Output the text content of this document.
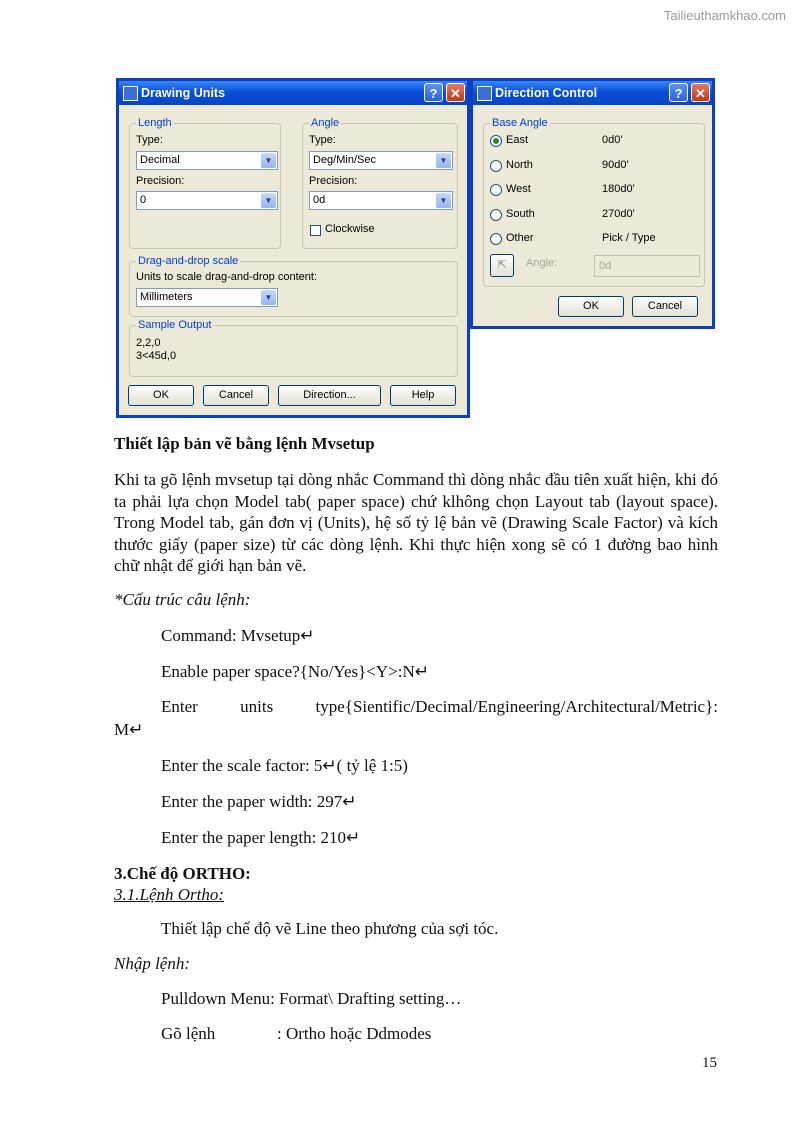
Tailieuthamkhao.com
Drawing Units	? ✕
Length
Type:
Decimal	▼
Precision:
0	▼
Angle
Type:
Deg/Min/Sec	▼
Precision:
0d	▼
Clockwise
Drag-and-drop scale
Units to scale drag-and-drop content:
Millimeters	▼
Sample Output
2,2,0
3<45d,0
OK	Cancel	Direction...	Help
Direction Control	? ✕
Base Angle
East	0d0'
North	90d0'
West	180d0'
South	270d0'
Other	Pick / Type
⇱	Angle:	0d
OK	Cancel
Thiết lập bản vẽ bằng lệnh Mvsetup
Khi ta gõ lệnh mvsetup tại dòng nhắc Command thì dòng nhắc đầu tiên xuất hiện, khi đó ta phải lựa chọn Model tab( paper space) chứ klhông chọn Layout tab (layout space). Trong Model tab, gán đơn vị (Units), hệ số tỷ lệ bản vẽ (Drawing Scale Factor) và kích thước giấy (paper size) từ các dòng lệnh. Khi thực hiện xong sẽ có 1 đường bao hình chữ nhật để giới hạn bản vẽ.
*Cấu trúc câu lệnh:
Command: Mvsetup↵
Enable paper space?{No/Yes}<Y>:N↵
Enter units type{Sientific/Decimal/Engineering/Architectural/Metric}:
M↵
Enter the scale factor: 5↵( tỷ lệ 1:5)
Enter the paper width: 297↵
Enter the paper length: 210↵
3.Chế độ ORTHO:
3.1.Lệnh Ortho:
Thiết lập chế độ vẽ Line theo phương của sợi tóc.
Nhập lệnh:
Pulldown Menu: Format\ Drafting setting…
Gõ lệnh	: Ortho hoặc Ddmodes
15
